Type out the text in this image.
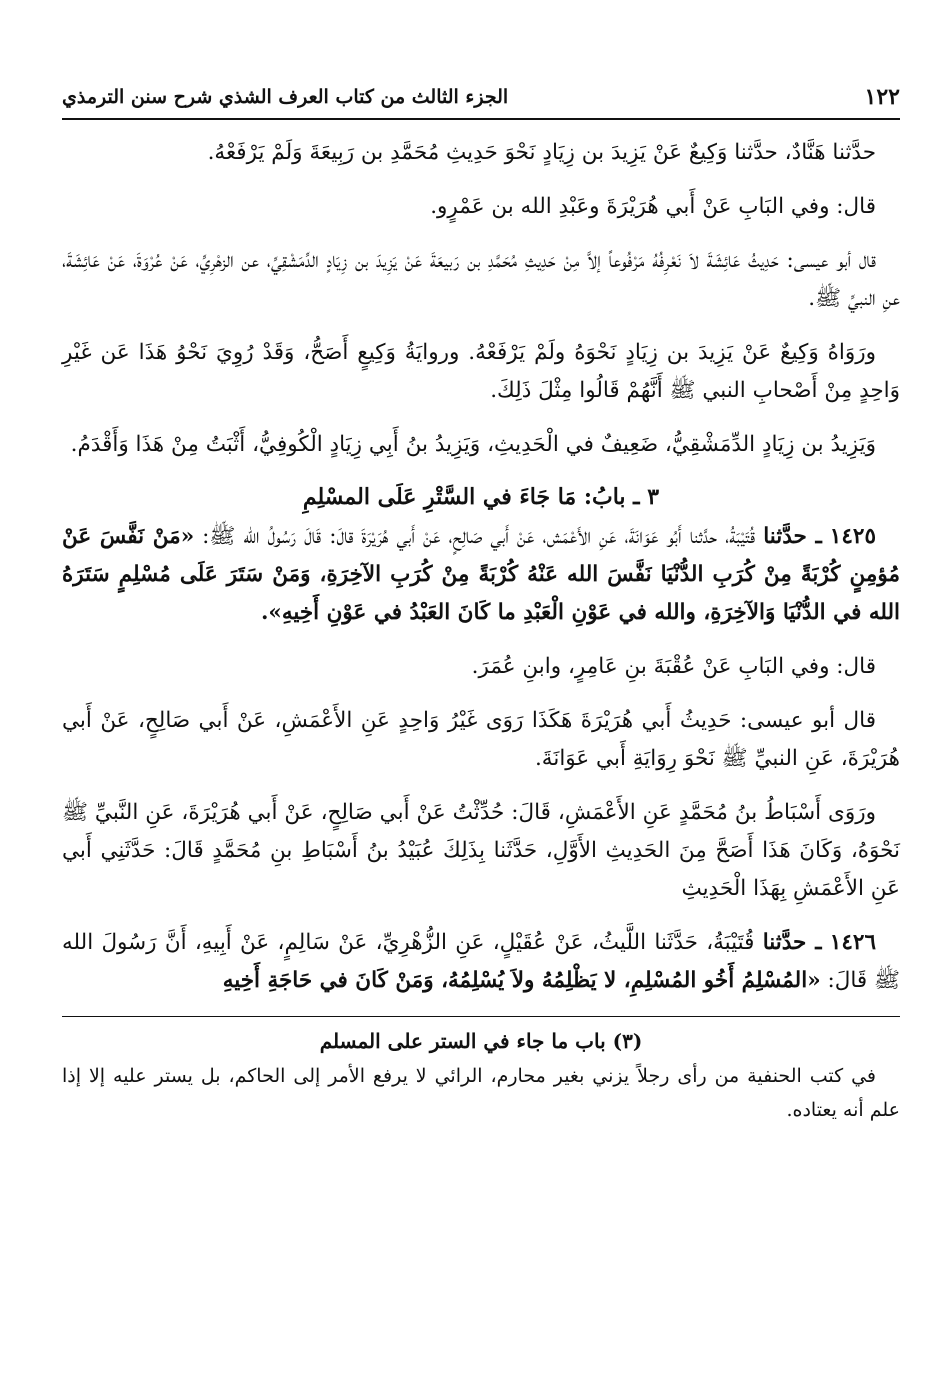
١٢٢
الجزء الثالث من كتاب العرف الشذي شرح سنن الترمذي

حدَّثنا هَنَّادٌ، حدَّثنا وَكِيعٌ عَنْ يَزِيدَ بن زِيَادٍ نَحْوَ حَدِيثِ مُحَمَّدِ بن رَبِيعَةَ وَلَمْ يَرْفَعْهُ.

قال: وفي البَابِ عَنْ أَبي هُرَيْرَةَ وعَبْدِ الله بن عَمْرٍو.

قال أبو عيسى: حَدِيثُ عَائِشَةَ لاَ نَعْرِفُهُ مَرْفُوعاً إلاَّ مِنْ حَدِيثِ مُحَمَّدِ بن رَبيعَةَ عَنْ يَزِيدَ بن زِيَادٍ الدِّمَشْقِيِّ، عن الزهْرِيِّ، عَنْ عُرْوَةَ، عَنْ عَائِشَةَ، عنِ النبيِّ ﷺ.

ورَوَاهُ وَكِيعٌ عَنْ يَزِيدَ بن زِيَادٍ نَحْوَهُ ولَمْ يَرْفَعْهُ. وروايَةُ وَكِيعٍ أَصَحُّ، وَقَدْ رُوِيَ نَحْوُ هَذَا عَن غَيْرِ وَاحِدٍ مِنْ أَصْحابِ النبي ﷺ أَنَّهُمْ قَالُوا مِثْلَ ذَلِكَ.

وَيَزِيدُ بن زِيَادٍ الدِّمَشْقِيُّ، ضَعِيفٌ في الْحَدِيثِ، وَيَزِيدُ بنُ أَبِي زِيَادٍ الْكُوفِيُّ، أَثْبَتُ مِنْ هَذَا وَأَقْدَمُ.

٣ ـ بابُ: مَا جَاءَ في السَّتْرِ عَلَى المسْلِمِ

١٤٢٥ ـ حدَّثنا قُتَيْبَةُ، حدَّثنا أَبُو عَوَانَةَ، عَنِ الأَعْمَش، عَنْ أَبي صَالِحٍ، عَنْ أَبي هُرَيْرَةَ قالَ: قَالَ رَسُولُ الله ﷺ: «مَنْ نَفَّسَ عَنْ مُؤمِنٍ كُرْبَةً مِنْ كُرَبِ الدُّنْيَا نَفَّسَ الله عَنْهُ كُرْبَةً مِنْ كُرَبِ الآخِرَةِ، وَمَنْ سَتَرَ عَلَى مُسْلِمٍ سَتَرَهُ الله في الدُّنْيَا وَالآخِرَةِ، والله في عَوْنِ الْعَبْدِ ما كَانَ العَبْدُ في عَوْنِ أَخِيهِ».

قال: وفي البَابِ عَنْ عُقْبَةَ بنِ عَامِرٍ، وابنِ عُمَرَ.

قال أبو عيسى: حَدِيثُ أَبي هُرَيْرَةَ هَكَذَا رَوَى غَيْرُ وَاحِدٍ عَنِ الأَعْمَشِ، عَنْ أَبي صَالِحٍ، عَنْ أَبي هُرَيْرَةَ، عَنِ النبيِّ ﷺ نَحْوَ رِوَايَةِ أَبي عَوَانَةَ.

ورَوَى أَسْبَاطُ بنُ مُحَمَّدٍ عَنِ الأَعْمَشِ، قَالَ: حُدِّثْتُ عَنْ أَبي صَالِحٍ، عَنْ أَبي هُرَيْرَةَ، عَنِ النَّبيِّ ﷺ نَحْوَهُ، وَكَانَ هَذَا أَصَحَّ مِنَ الحَدِيثِ الأَوَّلِ، حَدَّثَنا بِذَلِكَ عُبَيْدُ بنُ أَسْبَاطِ بنِ مُحَمَّدٍ قَالَ: حَدَّثَنِي أَبي عَنِ الأَعْمَشِ بِهَذَا الْحَدِيثِ

١٤٢٦ ـ حدَّثنا قُتَيْبَةُ، حَدَّثَنا اللَّيثُ، عَنْ عُقَيْلٍ، عَنِ الزُّهْرِيِّ، عَنْ سَالِمٍ، عَنْ أَبِيهِ، أَنَّ رَسُولَ الله ﷺ قَالَ: «المُسْلِمُ أَخُو المُسْلِمِ، لا يَظْلِمُهُ ولاَ يُسْلِمُهُ، وَمَنْ كَانَ في حَاجَةِ أَخِيهِ

(٣) باب ما جاء في الستر على المسلم

في كتب الحنفية من رأى رجلاً يزني بغير محارم، الرائي لا يرفع الأمر إلى الحاكم، بل يستر عليه إلا إذا علم أنه يعتاده.
